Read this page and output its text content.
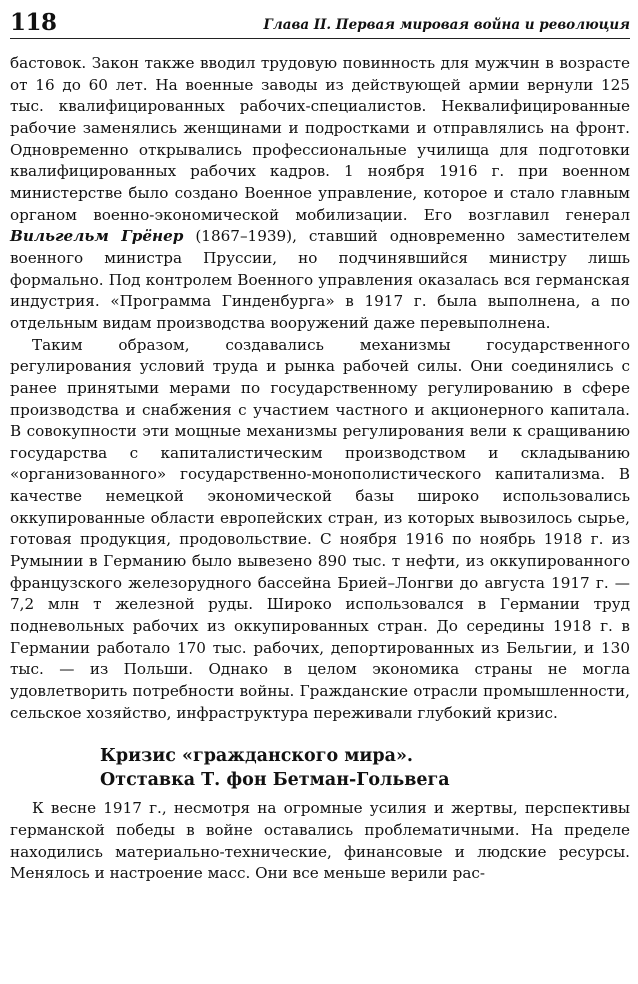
118	Глава II. Первая мировая война и революция

бастовок. Закон также вводил трудовую повинность для мужчин в возрасте от 16 до 60 лет. На военные заводы из действующей армии вернули 125 тыс. квалифицированных рабочих-специалистов. Неквалифицированные рабочие заменялись женщинами и подростками и отправлялись на фронт. Одновременно открывались профессиональные училища для подготовки квалифицированных рабочих кадров. 1 ноября 1916 г. при военном министерстве было создано Военное управление, которое и стало главным органом военно-экономической мобилизации. Его возглавил генерал Вильгельм Грёнер (1867–1939), ставший одновременно заместителем военного министра Пруссии, но подчинявшийся министру лишь формально. Под контролем Военного управления оказалась вся германская индустрия. «Программа Гинденбурга» в 1917 г. была выполнена, а по отдельным видам производства вооружений даже перевыполнена.

Таким образом, создавались механизмы государственного регулирования условий труда и рынка рабочей силы. Они соединялись с ранее принятыми мерами по государственному регулированию в сфере производства и снабжения с участием частного и акционерного капитала. В совокупности эти мощные механизмы регулирования вели к сращиванию государства с капиталистическим производством и складыванию «организованного» государственно-монополистического капитализма. В качестве немецкой экономической базы широко использовались оккупированные области европейских стран, из которых вывозилось сырье, готовая продукция, продовольствие. С ноября 1916 по ноябрь 1918 г. из Румынии в Германию было вывезено 890 тыс. т нефти, из оккупированного французского железорудного бассейна Брией–Лонгви до августа 1917 г. — 7,2 млн т железной руды. Широко использовался в Германии труд подневольных рабочих из оккупированных стран. До середины 1918 г. в Германии работало 170 тыс. рабочих, депортированных из Бельгии, и 130 тыс. — из Польши. Однако в целом экономика страны не могла удовлетворить потребности войны. Гражданские отрасли промышленности, сельское хозяйство, инфраструктура переживали глубокий кризис.

Кризис «гражданского мира».
Отставка Т. фон Бетман-Гольвега

К весне 1917 г., несмотря на огромные усилия и жертвы, перспективы германской победы в войне оставались проблематичными. На пределе находились материально-технические, финансовые и людские ресурсы. Менялось и настроение масс. Они все меньше верили рас-
